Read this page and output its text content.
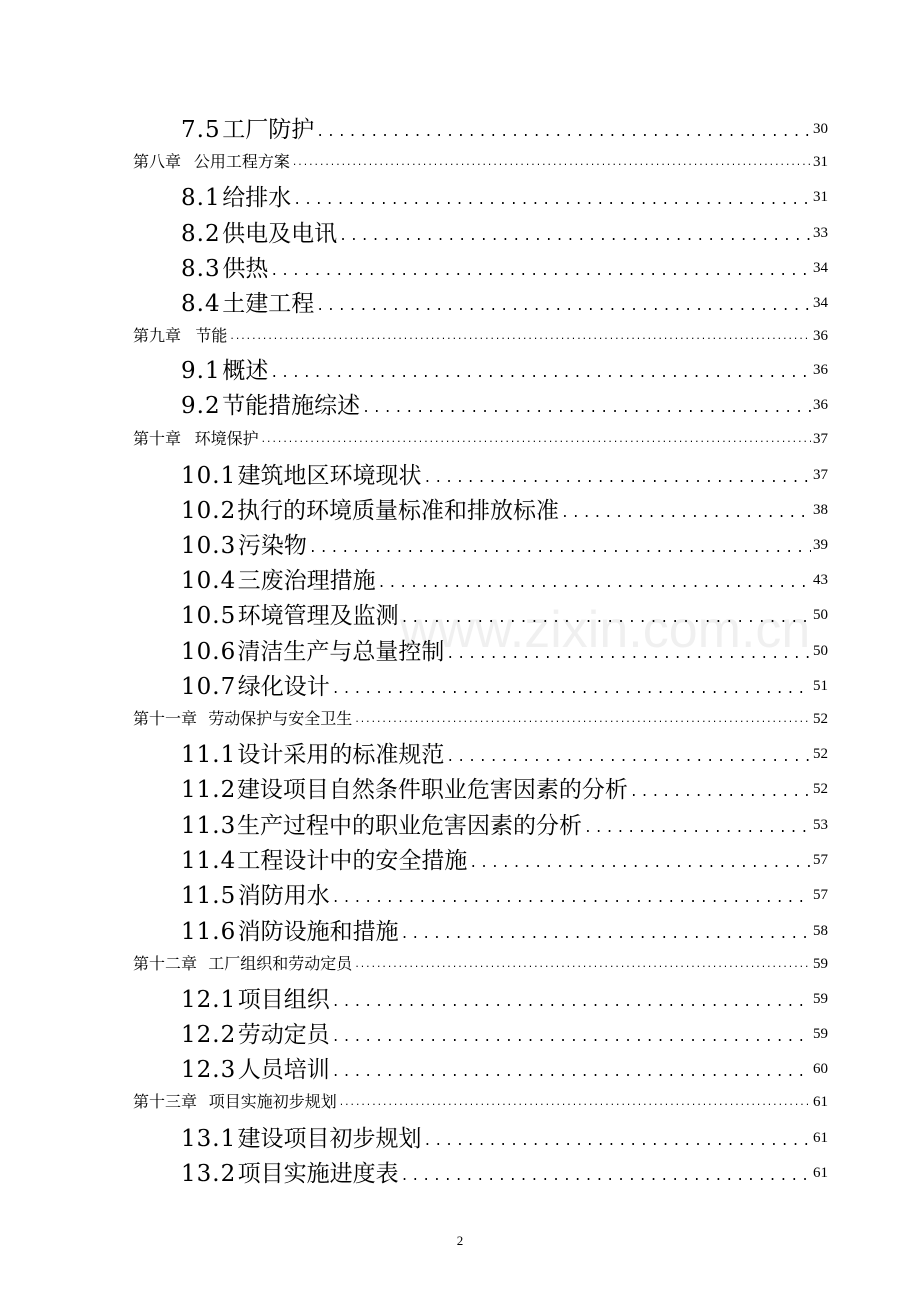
7.5 工厂防护 .....	30
第八章 公用工程方案 .....	31
8.1 给排水 .....	31
8.2 供电及电讯 .....	33
8.3 供热 .....	34
8.4 土建工程 .....	34
第九章 节能 .....	36
9.1 概述 .....	36
9.2 节能措施综述 .....	36
第十章 环境保护 .....	37
10.1 建筑地区环境现状 .....	37
10.2 执行的环境质量标准和排放标准 .....	38
10.3 污染物 .....	39
10.4 三废治理措施 .....	43
10.5 环境管理及监测 .....	50
10.6 清洁生产与总量控制 .....	50
10.7 绿化设计 .....	51
第十一章 劳动保护与安全卫生 .....	52
11.1 设计采用的标准规范 .....	52
11.2 建设项目自然条件职业危害因素的分析 .....	52
11.3 生产过程中的职业危害因素的分析 .....	53
11.4 工程设计中的安全措施 .....	57
11.5 消防用水 .....	57
11.6 消防设施和措施 .....	58
第十二章 工厂组织和劳动定员 .....	59
12.1 项目组织 .....	59
12.2 劳动定员 .....	59
12.3 人员培训 .....	60
第十三章 项目实施初步规划 .....	61
13.1 建设项目初步规划 .....	61
13.2 项目实施进度表 .....	61
www.zixin.com.cn
2
